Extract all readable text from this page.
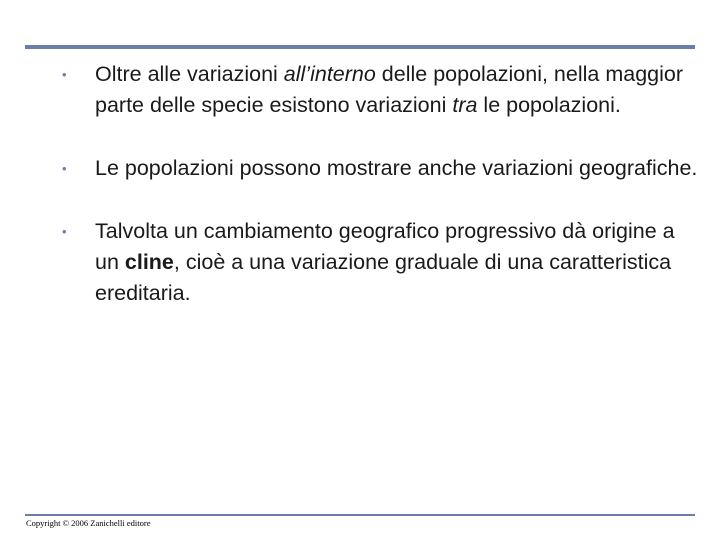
• Oltre alle variazioni all’interno delle popolazioni, nella maggior parte delle specie esistono variazioni tra le popolazioni.
• Le popolazioni possono mostrare anche variazioni geografiche.
• Talvolta un cambiamento geografico progressivo dà origine a un cline, cioè a una variazione graduale di una caratteristica ereditaria.
Copyright © 2006 Zanichelli editore
